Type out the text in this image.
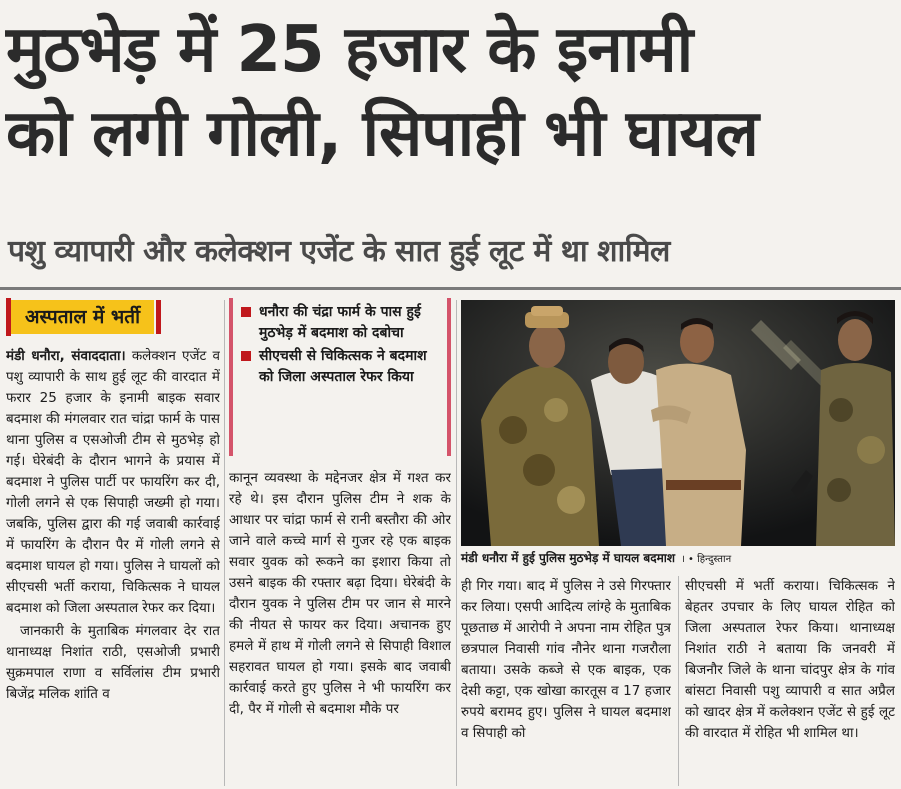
मुठभेड़ में 25 हजार के इनामी
को लगी गोली, सिपाही भी घायल
पशु व्यापारी और कलेक्शन एजेंट के सात हुई लूट में था शामिल
अस्पताल में भर्ती

मंडी धनौरा, संवाददाता। कलेक्शन एजेंट व पशु व्यापारी के साथ हुई लूट की वारदात में फरार 25 हजार के इनामी बाइक सवार बदमाश की मंगलवार रात चांद्रा फार्म के पास थाना पुलिस व एसओजी टीम से मुठभेड़ हो गई। घेरेबंदी के दौरान भागने के प्रयास में बदमाश ने पुलिस पार्टी पर फायरिंग कर दी, गोली लगने से एक सिपाही जख्मी हो गया। जबकि, पुलिस द्वारा की गई जवाबी कार्रवाई में फायरिंग के दौरान पैर में गोली लगने से बदमाश घायल हो गया। पुलिस ने घायलों को सीएचसी भर्ती कराया, चिकित्सक ने घायल बदमाश को जिला अस्पताल रेफर कर दिया।

जानकारी के मुताबिक मंगलवार देर रात थानाध्यक्ष निशांत राठी, एसओजी प्रभारी सुक्रमपाल राणा व सर्विलांस टीम प्रभारी बिजेंद्र मलिक शांति व

धनौरा की चंद्रा फार्म के पास हुई मुठभेड़ में बदमाश को दबोचा
सीएचसी से चिकित्सक ने बदमाश को जिला अस्पताल रेफर किया

कानून व्यवस्था के मद्देनजर क्षेत्र में गश्त कर रहे थे। इस दौरान पुलिस टीम ने शक के आधार पर चांद्रा फार्म से रानी बस्तौरा की ओर जाने वाले कच्चे मार्ग से गुजर रहे एक बाइक सवार युवक को रूकने का इशारा किया तो उसने बाइक की रफ्तार बढ़ा दिया। घेरेबंदी के दौरान युवक ने पुलिस टीम पर जान से मारने की नीयत से फायर कर दिया। अचानक हुए हमले में हाथ में गोली लगने से सिपाही विशाल सहरावत घायल हो गया। इसके बाद जवाबी कार्रवाई करते हुए पुलिस ने भी फायरिंग कर दी, पैर में गोली से बदमाश मौके पर

मंडी धनौरा में हुई पुलिस मुठभेड़ में घायल बदमाश । • हिन्दुस्तान

ही गिर गया। बाद में पुलिस ने उसे गिरफ्तार कर लिया। एसपी आदित्य लांग्हे के मुताबिक पूछताछ में आरोपी ने अपना नाम रोहित पुत्र छत्रपाल निवासी गांव नौनेर थाना गजरौला बताया। उसके कब्जे से एक बाइक, एक देसी कट्टा, एक खोखा कारतूस व 17 हजार रुपये बरामद हुए। पुलिस ने घायल बदमाश व सिपाही को

सीएचसी में भर्ती कराया। चिकित्सक ने बेहतर उपचार के लिए घायल रोहित को जिला अस्पताल रेफर किया। थानाध्यक्ष निशांत राठी ने बताया कि जनवरी में बिजनौर जिले के थाना चांदपुर क्षेत्र के गांव बांसटा निवासी पशु व्यापारी व सात अप्रैल को खादर क्षेत्र में कलेक्शन एजेंट से हुई लूट की वारदात में रोहित भी शामिल था।
